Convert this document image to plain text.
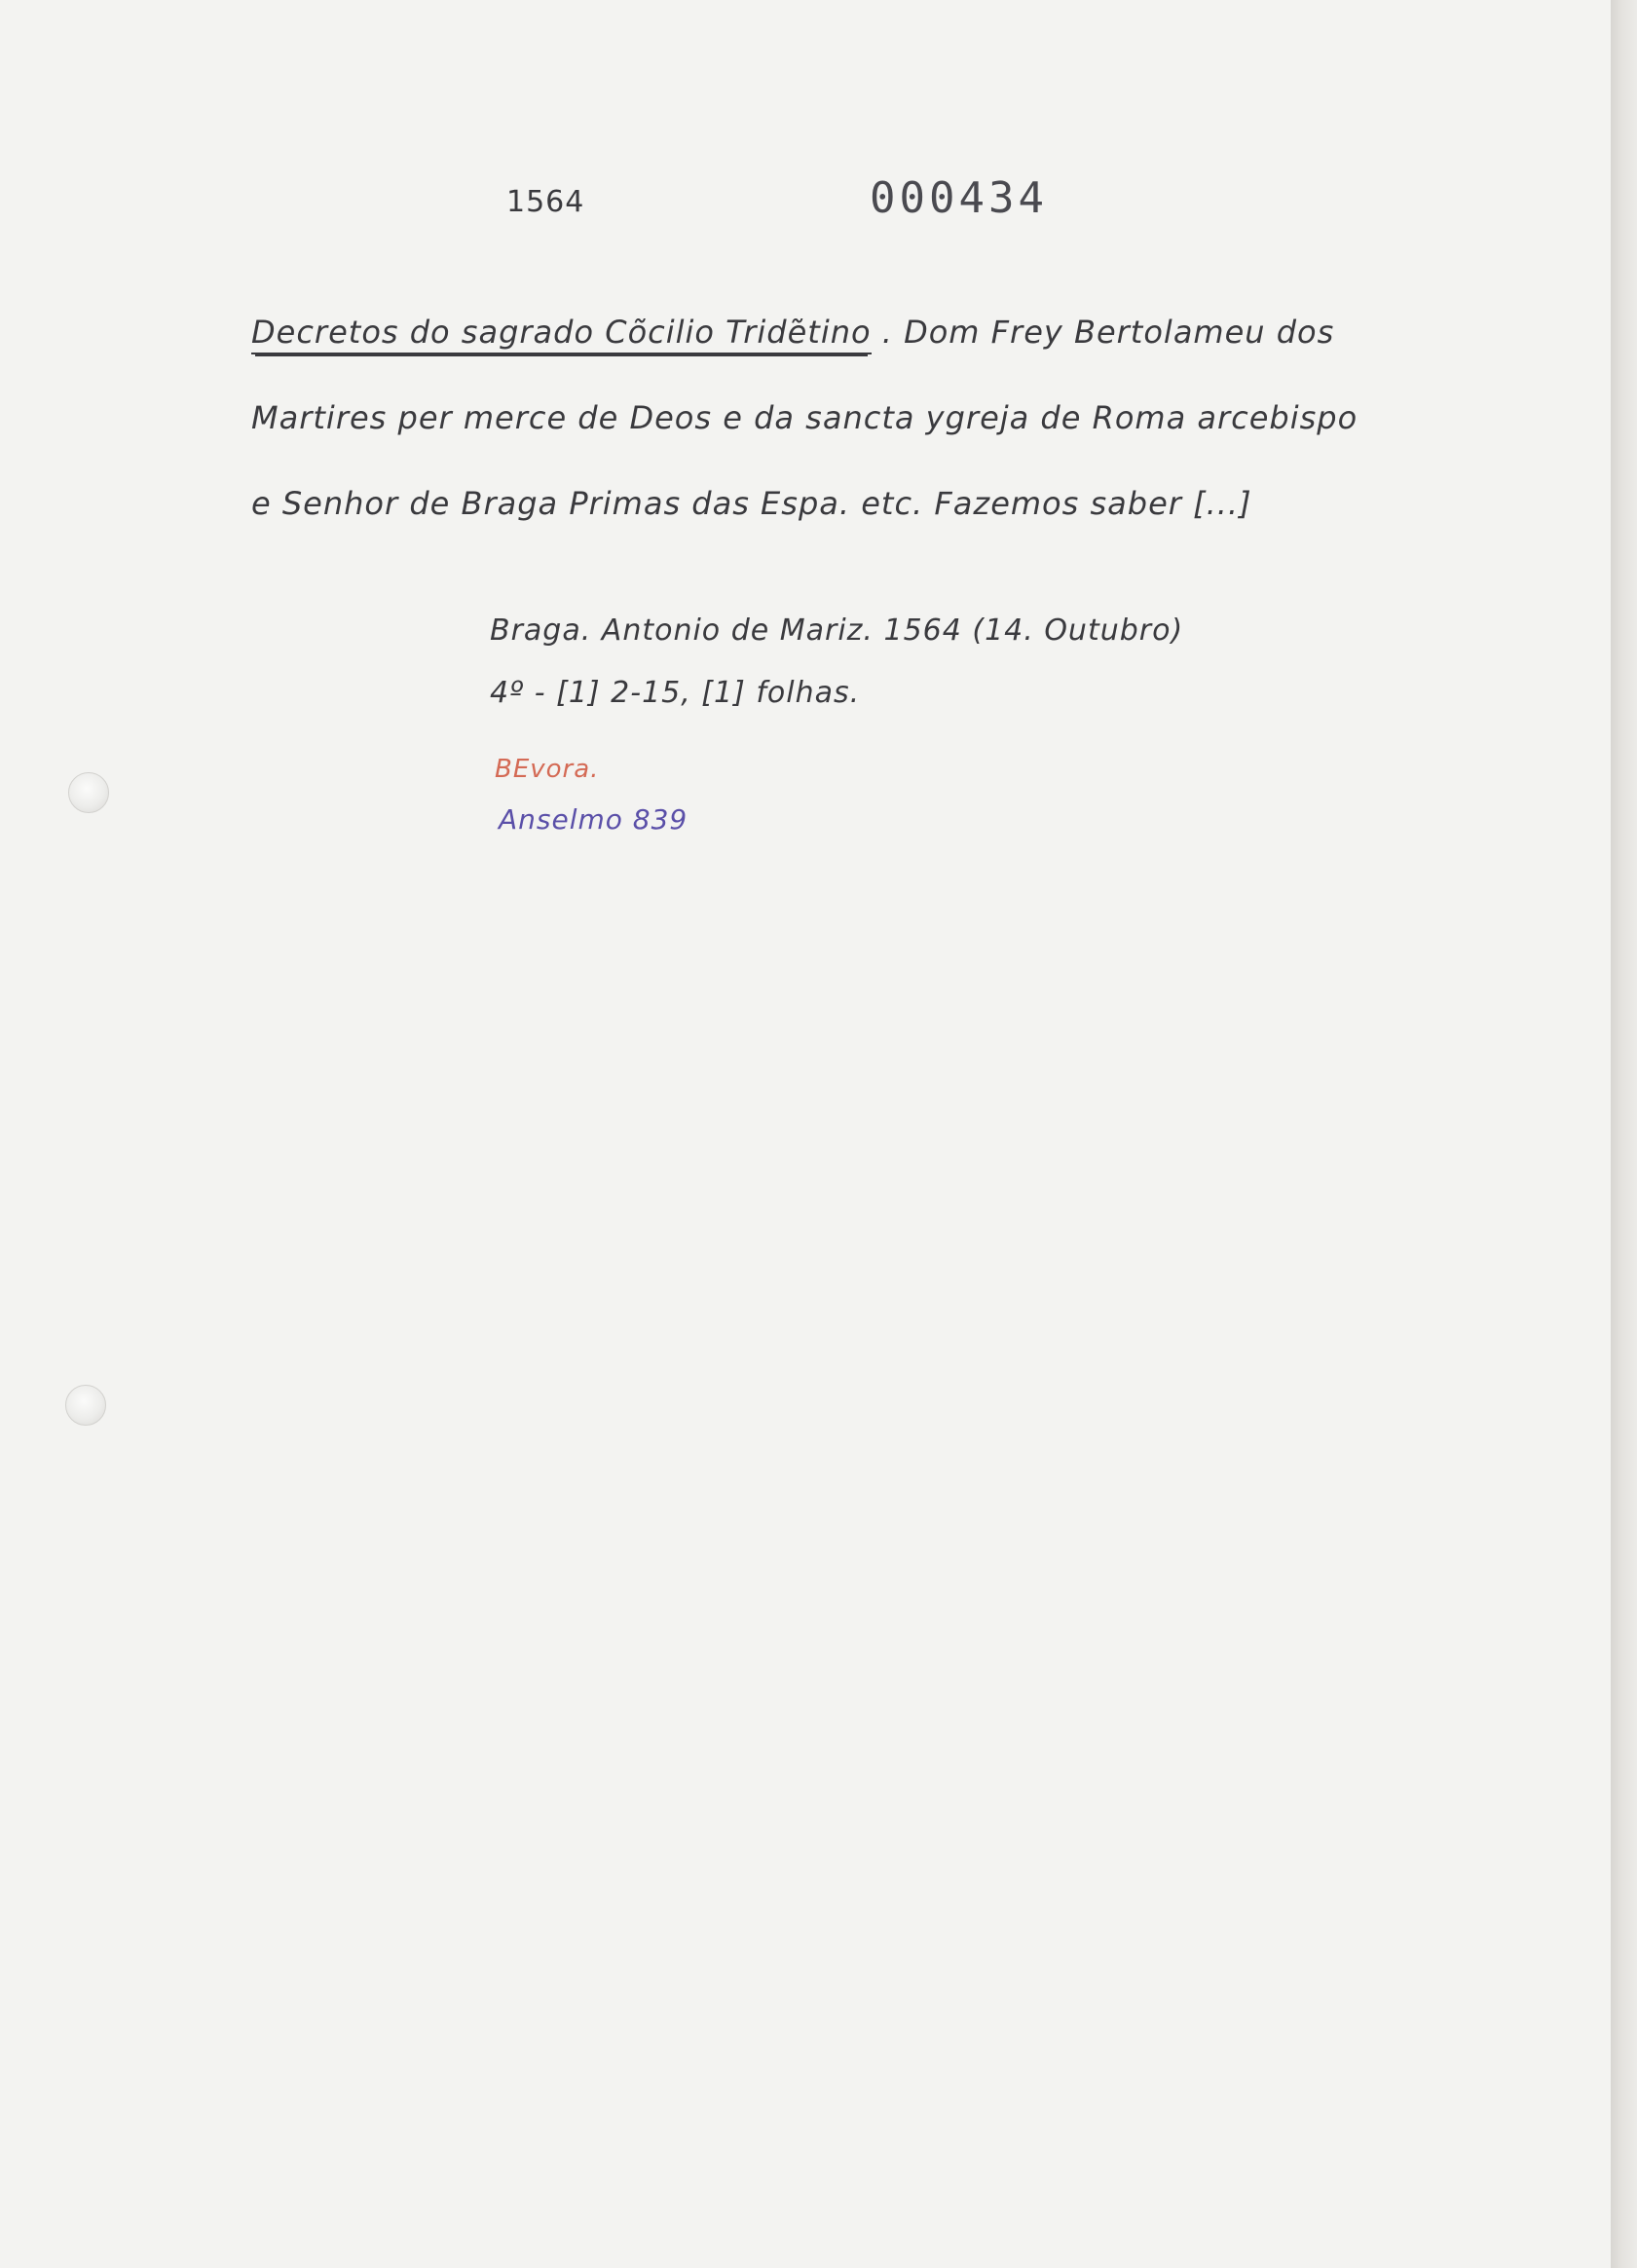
1564	000434
Decretos do sagrado Cõcilio Tridẽtino . Dom Frey Bertolameu dos
Martires per merce de Deos e da sancta ygreja de Roma arcebispo
e Senhor de Braga Primas das Espa. etc. Fazemos saber [...]
Braga. Antonio de Mariz. 1564 (14. Outubro)
4º - [1] 2-15, [1] folhas.
BEvora.
Anselmo 839
